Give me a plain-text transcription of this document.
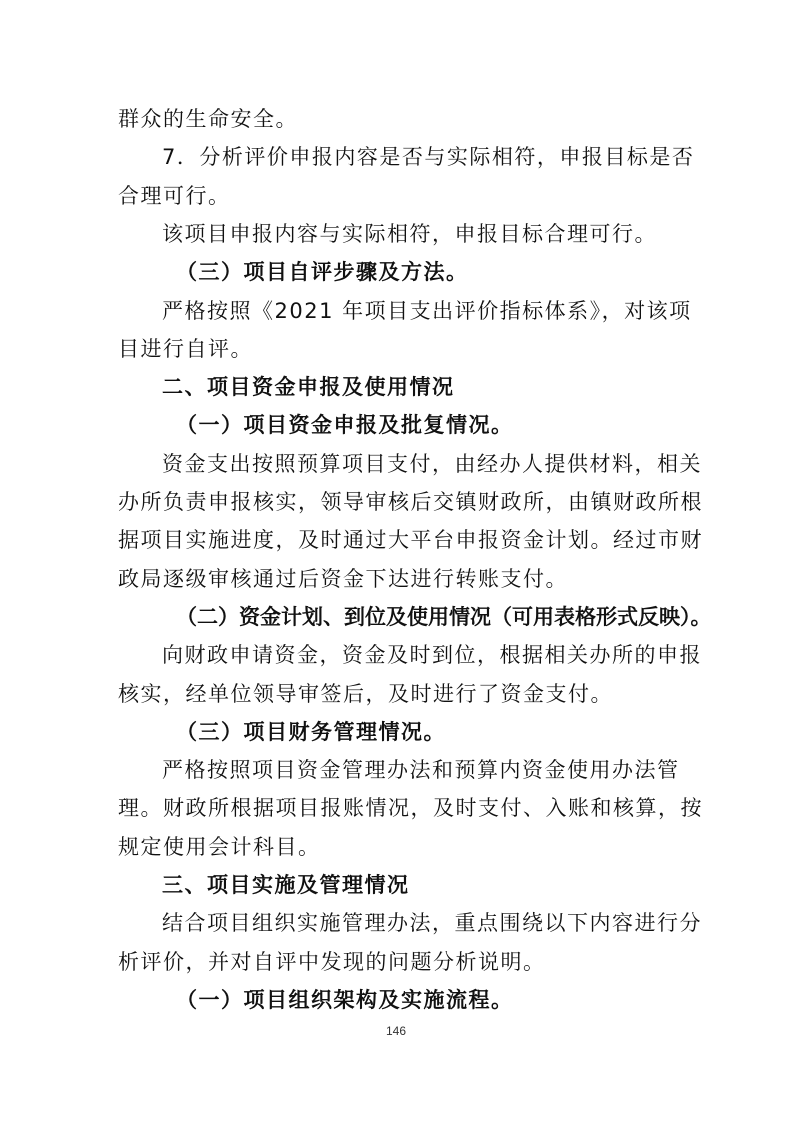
群众的生命安全。
7．分析评价申报内容是否与实际相符，申报目标是否
合理可行。
该项目申报内容与实际相符，申报目标合理可行。
（三）项目自评步骤及方法。
严格按照《2021 年项目支出评价指标体系》，对该项
目进行自评。
二、项目资金申报及使用情况
（一）项目资金申报及批复情况。
资金支出按照预算项目支付，由经办人提供材料，相关
办所负责申报核实，领导审核后交镇财政所，由镇财政所根
据项目实施进度，及时通过大平台申报资金计划。经过市财
政局逐级审核通过后资金下达进行转账支付。
（二）资金计划、到位及使用情况（可用表格形式反映）。
向财政申请资金，资金及时到位，根据相关办所的申报
核实，经单位领导审签后，及时进行了资金支付。
（三）项目财务管理情况。
严格按照项目资金管理办法和预算内资金使用办法管
理。财政所根据项目报账情况，及时支付、入账和核算，按
规定使用会计科目。
三、项目实施及管理情况
结合项目组织实施管理办法，重点围绕以下内容进行分
析评价，并对自评中发现的问题分析说明。
146
（一）项目组织架构及实施流程。
